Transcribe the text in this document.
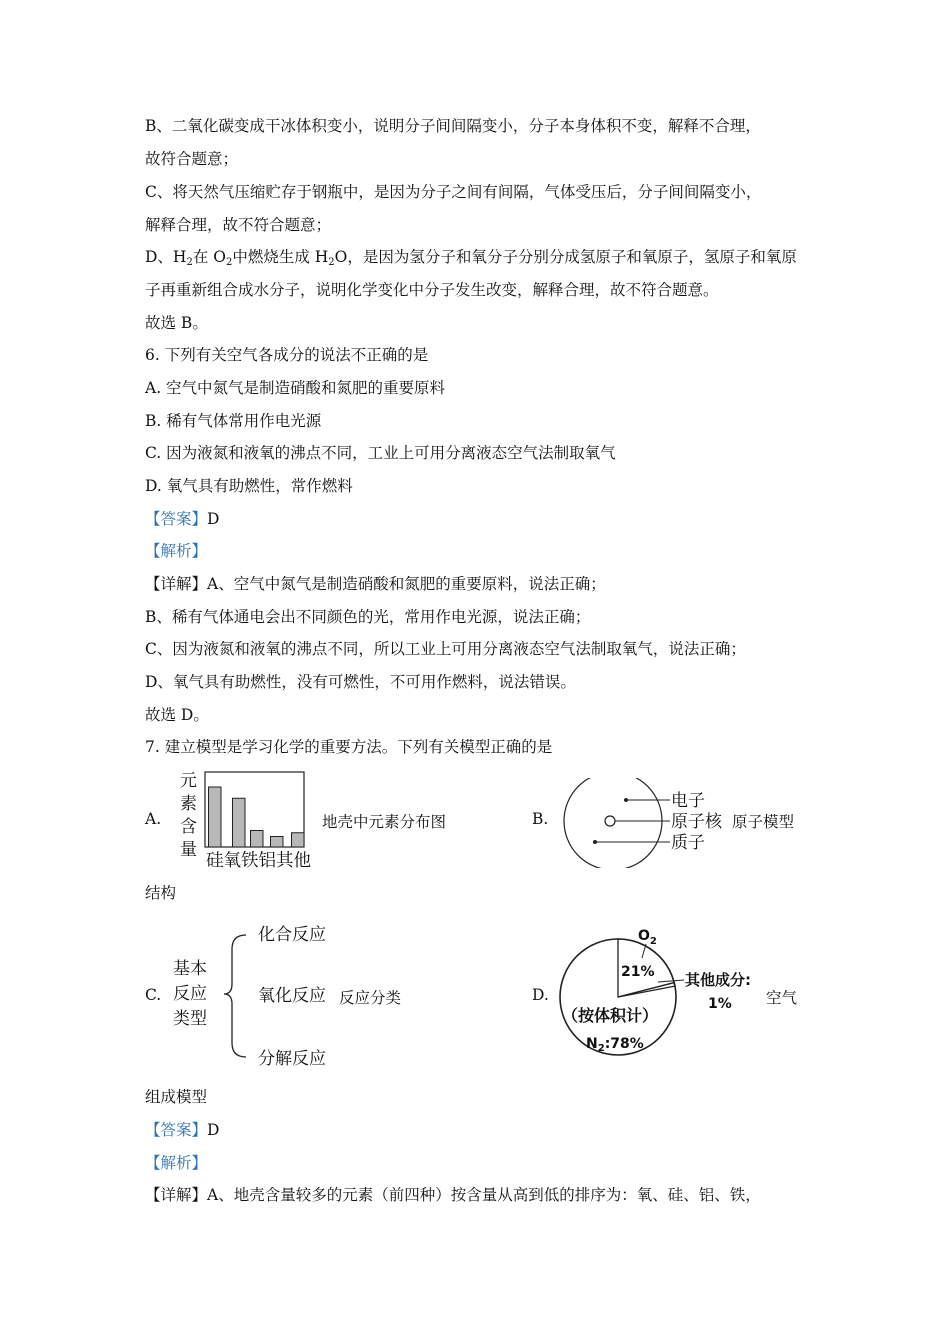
B、二氧化碳变成干冰体积变小，说明分子间间隔变小，分子本身体积不变，解释不合理，
故符合题意；
C、将天然气压缩贮存于钢瓶中，是因为分子之间有间隔，气体受压后，分子间间隔变小，
解释合理，故不符合题意；
D、$H_2$在 $O_2$中燃烧生成 $H_2O$，是因为氢分子和氧分子分别分成氢原子和氧原子，氢原子和氧原
子再重新组合成水分子，说明化学变化中分子发生改变，解释合理，故不符合题意。
故选 B。
6. 下列有关空气各成分的说法不正确的是
A. 空气中氮气是制造硝酸和氮肥的重要原料
B. 稀有气体常用作电光源
C. 因为液氮和液氧的沸点不同，工业上可用分离液态空气法制取氧气
D. 氧气具有助燃性，常作燃料
【答案】D
【解析】
【详解】A、空气中氮气是制造硝酸和氮肥的重要原料，说法正确；
B、稀有气体通电会出不同颜色的光，常用作电光源，说法正确；
C、因为液氮和液氧的沸点不同，所以工业上可用分离液态空气法制取氧气，说法正确；
D、氧气具有助燃性，没有可燃性，不可用作燃料，说法错误。
故选 D。
7. 建立模型是学习化学的重要方法。下列有关模型正确的是
A.
元
素
含
量
硅氧铁铝其他
地壳中元素分布图	B.
电子
原子核
质子
原子模型
结构
C.
基本
反应
类型
化合反应
氧化反应
分解反应
反应分类	D.
$O_2$
21% 其他成分:
1%
（按体积计）
$N_2:78\%$
空气
组成模型
【答案】D
【解析】
【详解】A、地壳含量较多的元素（前四种）按含量从高到低的排序为：氧、硅、铝、铁，
